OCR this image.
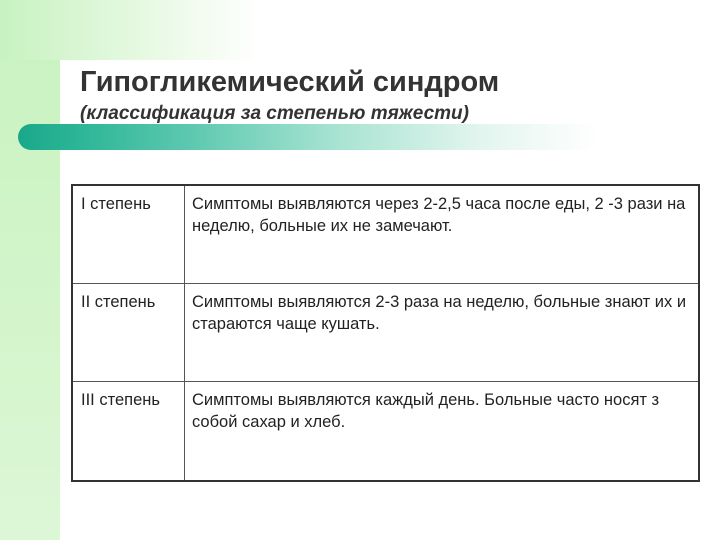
Гипогликемический синдром
(классификация за степенью тяжести)
I степень	Симптомы выявляются через 2-2,5 часа после еды, 2 -3 рази на неделю, больные их не замечают.
II степень	Симптомы выявляются 2-3 раза на неделю, больные знают их и стараются чаще кушать.
III степень	Симптомы выявляются каждый день. Больные часто носят з собой сахар и хлеб.
